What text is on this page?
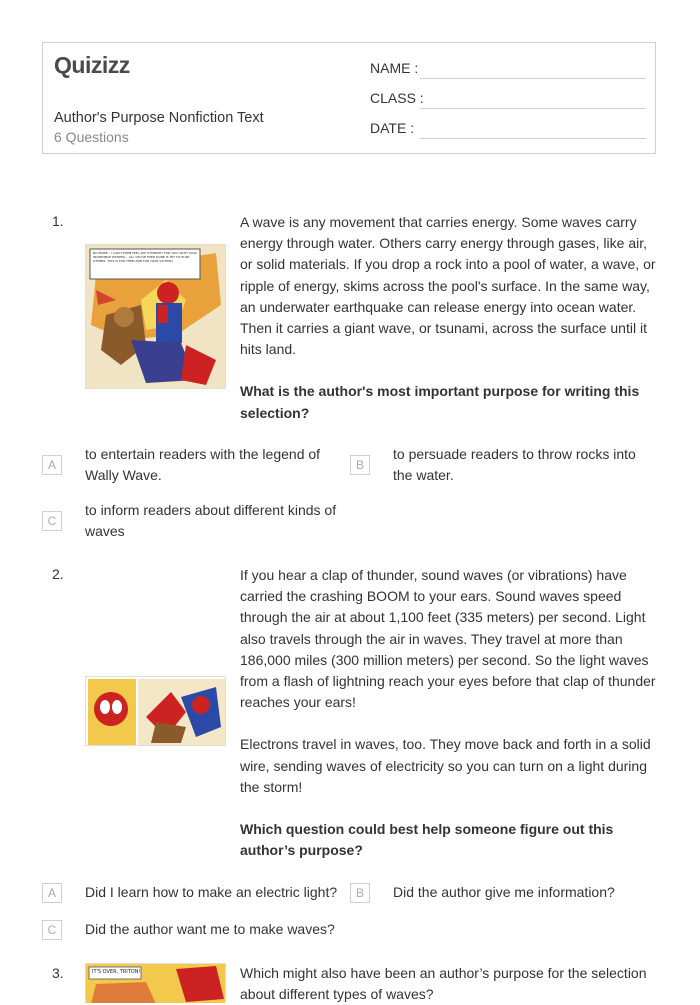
Quizizz
Author's Purpose Nonfiction Text
6 Questions
NAME :
CLASS :
DATE :
1.
NO MORE... I CAN'T EVEN FEEL ANY SYMPATHY FOR YOU! WITH YOUR INCREDIBLE POWERS... ALL YOU'VE EVER DONE IS TRY TO HURT OTHERS. THIS IS FOR THEM AND FOR YOUR VICTIMS!
A wave is any movement that carries energy. Some waves carry energy through water. Others carry energy through gases, like air, or solid materials. If you drop a rock into a pool of water, a wave, or ripple of energy, skims across the pool's surface. In the same way, an underwater earthquake can release energy into ocean water. Then it carries a giant wave, or tsunami, across the surface until it hits land.
What is the author's most important purpose for writing this selection?
A
to entertain readers with the legend of Wally Wave.
B
to persuade readers to throw rocks into the water.
C
to inform readers about different kinds of waves
2.	If you hear a clap of thunder, sound waves (or vibrations) have carried the crashing BOOM to your ears. Sound waves speed through the air at about 1,100 feet (335 meters) per second. Light also travels through the air in waves. They travel at more than 186,000 miles (300 million meters) per second. So the light waves from a flash of lightning reach your eyes before that clap of thunder reaches your ears!
Electrons travel in waves, too. They move back and forth in a solid wire, sending waves of electricity so you can turn on a light during the storm!
Which question could best help someone figure out this author’s purpose?
A	Did I learn how to make an electric light?	B	Did the author give me information?
C	Did the author want me to make waves?
3.	IT'S OVER, TRITON!	Which might also have been an author’s purpose for the selection about different types of waves?
